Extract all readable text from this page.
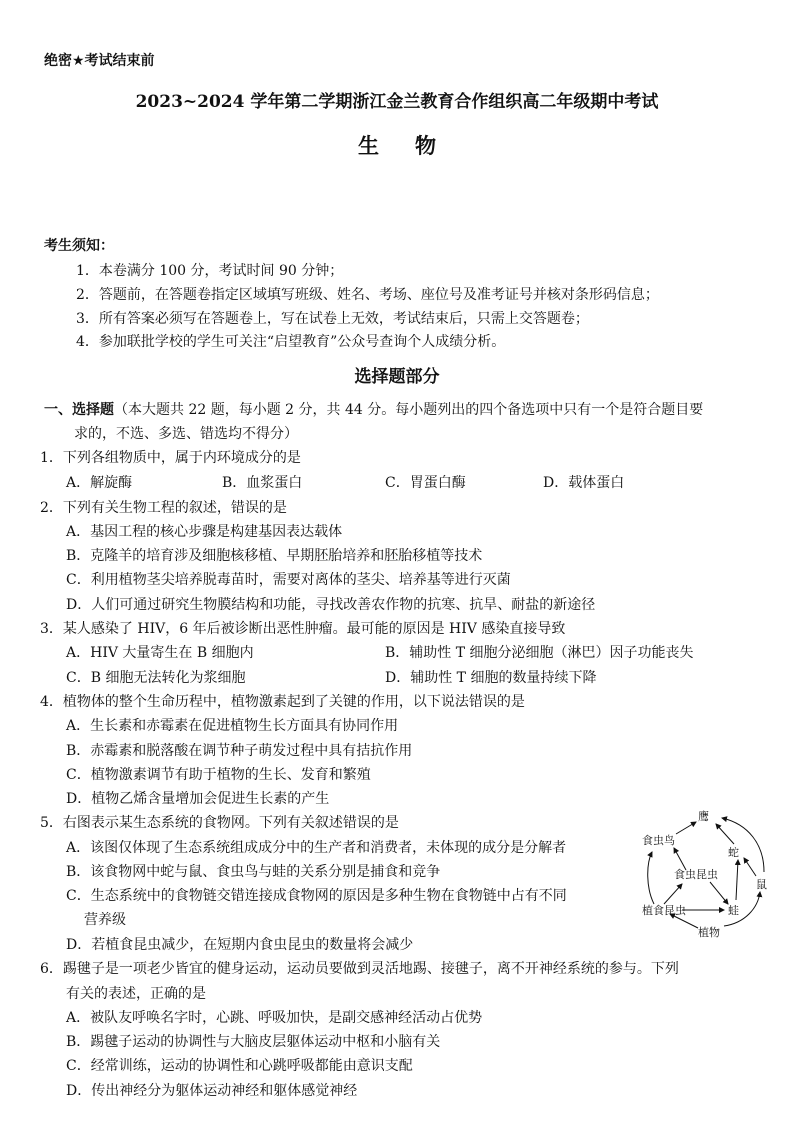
绝密★考试结束前
2023~2024 学年第二学期浙江金兰教育合作组织高二年级期中考试
生物
考生须知：
1．本卷满分 100 分，考试时间 90 分钟；
2．答题前，在答题卷指定区域填写班级、姓名、考场、座位号及准考证号并核对条形码信息；
3．所有答案必须写在答题卷上，写在试卷上无效，考试结束后，只需上交答题卷；
4．参加联批学校的学生可关注“启望教育”公众号查询个人成绩分析。
选择题部分
一、选择题（本大题共 22 题，每小题 2 分，共 44 分。每小题列出的四个备选项中只有一个是符合题目要
求的，不选、多选、错选均不得分）
1．下列各组物质中，属于内环境成分的是
A．解旋酶	B．血浆蛋白	C．胃蛋白酶	D．载体蛋白
2．下列有关生物工程的叙述，错误的是
A．基因工程的核心步骤是构建基因表达载体
B．克隆羊的培育涉及细胞核移植、早期胚胎培养和胚胎移植等技术
C．利用植物茎尖培养脱毒苗时，需要对离体的茎尖、培养基等进行灭菌
D．人们可通过研究生物膜结构和功能，寻找改善农作物的抗寒、抗旱、耐盐的新途径
3．某人感染了 HIV，6 年后被诊断出恶性肿瘤。最可能的原因是 HIV 感染直接导致
A．HIV 大量寄生在 B 细胞内	B．辅助性 T 细胞分泌细胞（淋巴）因子功能丧失
C．B 细胞无法转化为浆细胞	D．辅助性 T 细胞的数量持续下降
4．植物体的整个生命历程中，植物激素起到了关键的作用，以下说法错误的是
A．生长素和赤霉素在促进植物生长方面具有协同作用
B．赤霉素和脱落酸在调节种子萌发过程中具有拮抗作用
C．植物激素调节有助于植物的生长、发育和繁殖
D．植物乙烯含量增加会促进生长素的产生
5．右图表示某生态系统的食物网。下列有关叙述错误的是
A．该图仅体现了生态系统组成成分中的生产者和消费者，未体现的成分是分解者
B．该食物网中蛇与鼠、食虫鸟与蛙的关系分别是捕食和竞争
C．生态系统中的食物链交错连接成食物网的原因是多种生物在食物链中占有不同
营养级
D．若植食昆虫减少，在短期内食虫昆虫的数量将会减少
鹰
食虫鸟
蛇
食虫昆虫
鼠
植食昆虫	蛙
植物
6．踢毽子是一项老少皆宜的健身运动，运动员要做到灵活地踢、接毽子，离不开神经系统的参与。下列
有关的表述，正确的是
A．被队友呼唤名字时，心跳、呼吸加快，是副交感神经活动占优势
B．踢毽子运动的协调性与大脑皮层躯体运动中枢和小脑有关
C．经常训练，运动的协调性和心跳呼吸都能由意识支配
D．传出神经分为躯体运动神经和躯体感觉神经
